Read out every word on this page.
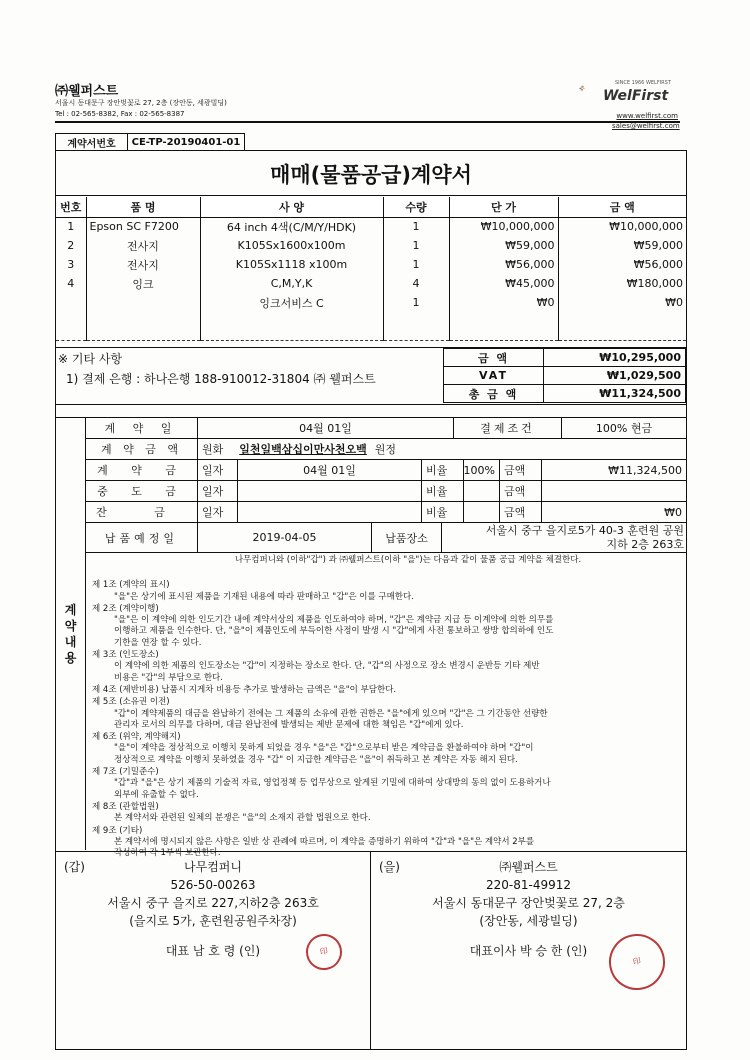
㈜웰퍼스트
서울시 동대문구 장안벚꽃로 27, 2층 (장안동, 세광빌딩)
Tel : 02-565-8382, Fax : 02-565-8387
SINCE 1966 WELFIRST
WelFirst
www.welfirst.com
sales@welfirst.com
계약서번호	CE-TP-20190401-01
매매(물품공급)계약서
번호	품 명	사 양	수량	단 가	금 액
1	Epson SC F7200	64 inch 4색(C/M/Y/HDK)	1	₩10,000,000	₩10,000,000
2	전사지	K105Sx1600x100m	1	₩59,000	₩59,000
3	전사지	K105Sx1118 x100m	1	₩56,000	₩56,000
4	잉크	C,M,Y,K	4	₩45,000	₩180,000
		잉크서비스 C	1	₩0	₩0

※ 기타 사항
1) 결제 은행 : 하나은행 188-910012-31804 ㈜ 웰퍼스트
금 액	₩10,295,000
VAT	₩1,029,500
총 금 액	₩11,324,500
계
약
내
용
계 약 일	04월 01일	결제조건	100% 현금
계 약 금 액	원화 일천일백삼십이만사천오백 원정
계 약 금	일자	04월 01일	비율	100% 금액	₩11,324,500
중 도 금	일자	비율	금액
잔 금	일자	비율	금액	₩0
납품예정일	2019-04-05	납품장소
서울시 중구 을지로5가 40-3 훈련원 공원
지하 2층 263호
나무컴퍼니와 (이하"갑") 과 ㈜웰퍼스트(이하 "을")는 다음과 같이 물품 공급 계약을 체결한다.
제 1조 (계약의 표시)
"을"은 상기에 표시된 제품을 기재된 내용에 따라 판매하고 "갑"은 이를 구매한다.
제 2조 (계약이행)
"을"은 이 계약에 의한 인도기간 내에 계약서상의 제품을 인도하여야 하며, "갑"은 계약금 지급 등 이계약에 의한 의무를
이행하고 제품을 인수한다. 단, "을"이 제품인도에 부득이한 사정이 발생 시 "갑"에게 사전 통보하고 쌍방 합의하에 인도
기한을 연장 할 수 있다.
제 3조 (인도장소)
이 계약에 의한 제품의 인도장소는 "갑"이 지정하는 장소로 한다. 단, "갑"의 사정으로 장소 변경시 운반등 기타 제반
비용은 "갑"의 부담으로 한다.
제 4조 (제반비용) 납품시 지게차 비용등 추가로 발생하는 금액은 "을"이 부담한다.
제 5조 (소유권 이전)
"갑"이 계약제품의 대금을 완납하기 전에는 그 제품의 소유에 관한 권한은 "을"에게 있으며 "갑"은 그 기간동안 선량한
관리자 로서의 의무를 다하며, 대금 완납전에 발생되는 제반 문제에 대한 책임은 "갑"에게 있다.
제 6조 (위약, 계약해지)
"을"이 계약을 정상적으로 이행치 못하게 되었을 경우 "을"은 "갑"으로부터 받은 계약금을 환불하여야 하며 "갑"이
정상적으로 계약을 이행치 못하였을 경우 "갑" 이 지급한 계약금은 "을"이 취득하고 본 계약은 자동 해지 된다.
제 7조 (기밀준수)
"갑"과 "을"은 상기 제품의 기술적 자료, 영업정책 등 업무상으로 알게된 기밀에 대하여 상대방의 동의 없이 도용하거나
외부에 유출할 수 없다.
제 8조 (관할법원)
본 계약서와 관련된 일체의 분쟁은 "을"의 소재지 관할 법원으로 한다.
제 9조 (기타)
본 계약서에 명시되지 않은 사항은 일반 상 관례에 따르며, 이 계약을 증명하기 위하여 "갑"과 "을"은 계약서 2부를
작성하여 각 1부씩 보관한다.
(갑)	나무컴퍼니
526-50-00263
서울시 중구 을지로 227,지하2층 263호
(을지로 5가, 훈련원공원주차장)
대표 남 호 령 (인)	印
(을)	㈜웰퍼스트
220-81-49912
서울시 동대문구 장안벚꽃로 27, 2층
(장안동, 세광빌딩)
대표이사 박 승 한 (인)
印
